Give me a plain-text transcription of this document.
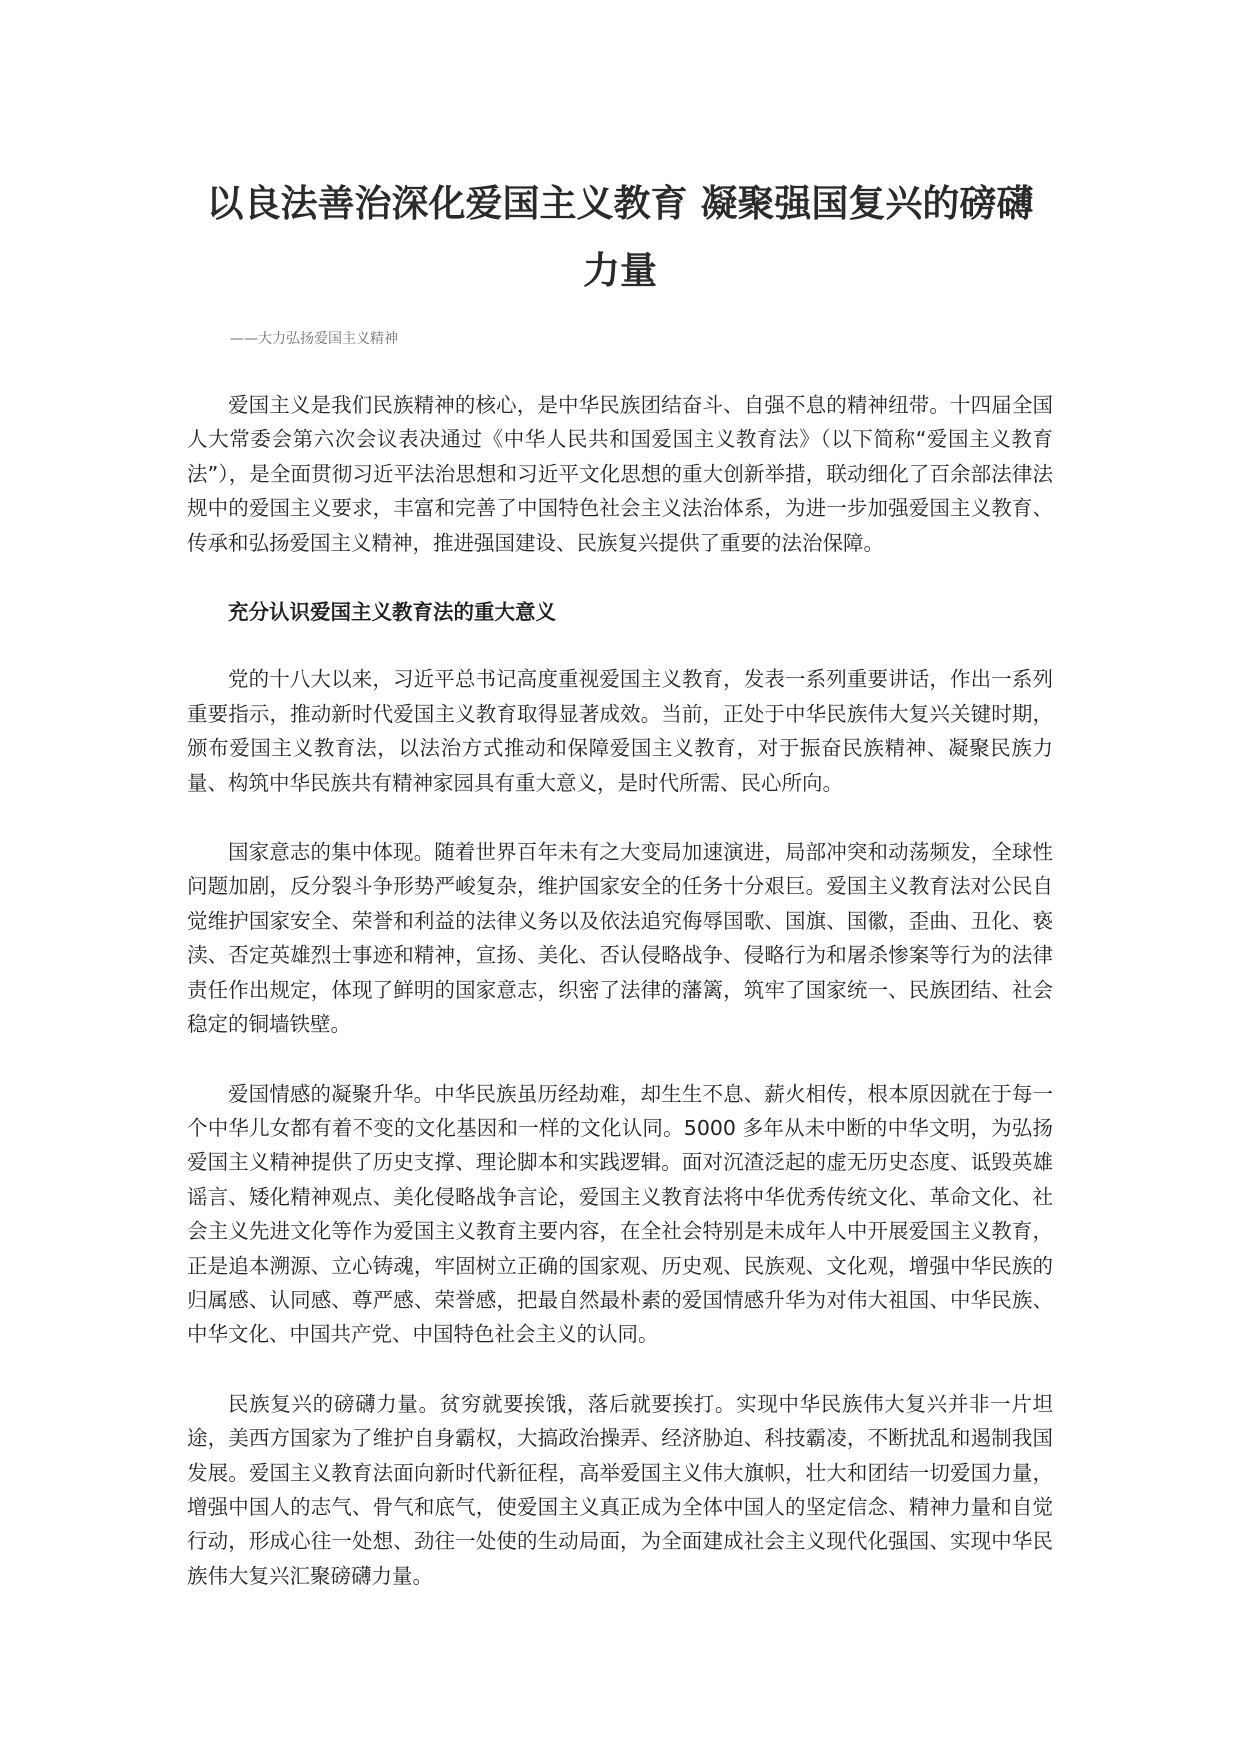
以良法善治深化爱国主义教育 凝聚强国复兴的磅礴力量

——大力弘扬爱国主义精神

爱国主义是我们民族精神的核心，是中华民族团结奋斗、自强不息的精神纽带。十四届全国人大常委会第六次会议表决通过《中华人民共和国爱国主义教育法》（以下简称“爱国主义教育法”），是全面贯彻习近平法治思想和习近平文化思想的重大创新举措，联动细化了百余部法律法规中的爱国主义要求，丰富和完善了中国特色社会主义法治体系，为进一步加强爱国主义教育、传承和弘扬爱国主义精神，推进强国建设、民族复兴提供了重要的法治保障。

充分认识爱国主义教育法的重大意义

党的十八大以来，习近平总书记高度重视爱国主义教育，发表一系列重要讲话，作出一系列重要指示，推动新时代爱国主义教育取得显著成效。当前，正处于中华民族伟大复兴关键时期，颁布爱国主义教育法，以法治方式推动和保障爱国主义教育，对于振奋民族精神、凝聚民族力量、构筑中华民族共有精神家园具有重大意义，是时代所需、民心所向。

国家意志的集中体现。随着世界百年未有之大变局加速演进，局部冲突和动荡频发，全球性问题加剧，反分裂斗争形势严峻复杂，维护国家安全的任务十分艰巨。爱国主义教育法对公民自觉维护国家安全、荣誉和利益的法律义务以及依法追究侮辱国歌、国旗、国徽，歪曲、丑化、亵渎、否定英雄烈士事迹和精神，宣扬、美化、否认侵略战争、侵略行为和屠杀惨案等行为的法律责任作出规定，体现了鲜明的国家意志，织密了法律的藩篱，筑牢了国家统一、民族团结、社会稳定的铜墙铁壁。

爱国情感的凝聚升华。中华民族虽历经劫难，却生生不息、薪火相传，根本原因就在于每一个中华儿女都有着不变的文化基因和一样的文化认同。5000 多年从未中断的中华文明，为弘扬爱国主义精神提供了历史支撑、理论脚本和实践逻辑。面对沉渣泛起的虚无历史态度、诋毁英雄谣言、矮化精神观点、美化侵略战争言论，爱国主义教育法将中华优秀传统文化、革命文化、社会主义先进文化等作为爱国主义教育主要内容，在全社会特别是未成年人中开展爱国主义教育，正是追本溯源、立心铸魂，牢固树立正确的国家观、历史观、民族观、文化观，增强中华民族的归属感、认同感、尊严感、荣誉感，把最自然最朴素的爱国情感升华为对伟大祖国、中华民族、中华文化、中国共产党、中国特色社会主义的认同。

民族复兴的磅礴力量。贫穷就要挨饿，落后就要挨打。实现中华民族伟大复兴并非一片坦途，美西方国家为了维护自身霸权，大搞政治操弄、经济胁迫、科技霸凌，不断扰乱和遏制我国发展。爱国主义教育法面向新时代新征程，高举爱国主义伟大旗帜，壮大和团结一切爱国力量，增强中国人的志气、骨气和底气，使爱国主义真正成为全体中国人的坚定信念、精神力量和自觉行动，形成心往一处想、劲往一处使的生动局面，为全面建成社会主义现代化强国、实现中华民族伟大复兴汇聚磅礴力量。
